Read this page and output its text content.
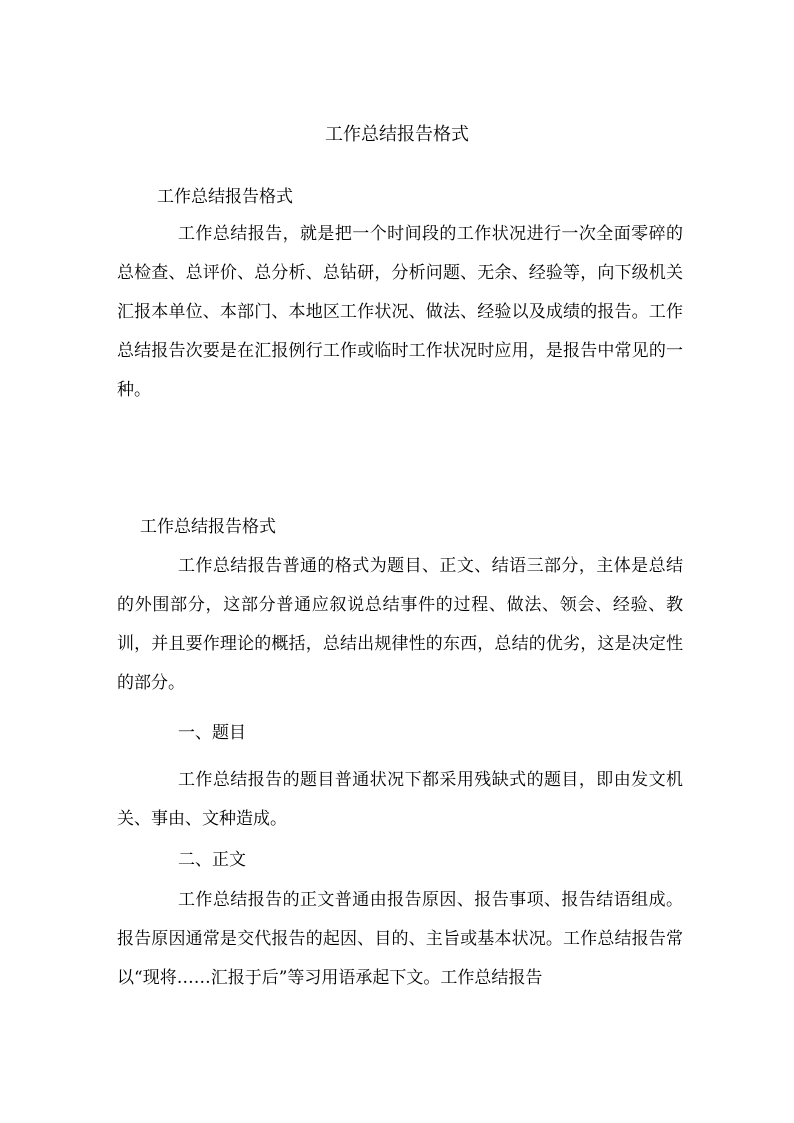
工作总结报告格式
工作总结报告格式

工作总结报告，就是把一个时间段的工作状况进行一次全面零碎的总检查、总评价、总分析、总钻研，分析问题、无余、经验等，向下级机关汇报本单位、本部门、本地区工作状况、做法、经验以及成绩的报告。工作总结报告次要是在汇报例行工作或临时工作状况时应用，是报告中常见的一种。

工作总结报告格式

工作总结报告普通的格式为题目、正文、结语三部分，主体是总结的外围部分，这部分普通应叙说总结事件的过程、做法、领会、经验、教训，并且要作理论的概括，总结出规律性的东西，总结的优劣，这是决定性的部分。

一、题目

工作总结报告的题目普通状况下都采用残缺式的题目，即由发文机关、事由、文种造成。

二、正文

工作总结报告的正文普通由报告原因、报告事项、报告结语组成。报告原因通常是交代报告的起因、目的、主旨或基本状况。工作总结报告常以“现将……汇报于后”等习用语承起下文。工作总结报告
